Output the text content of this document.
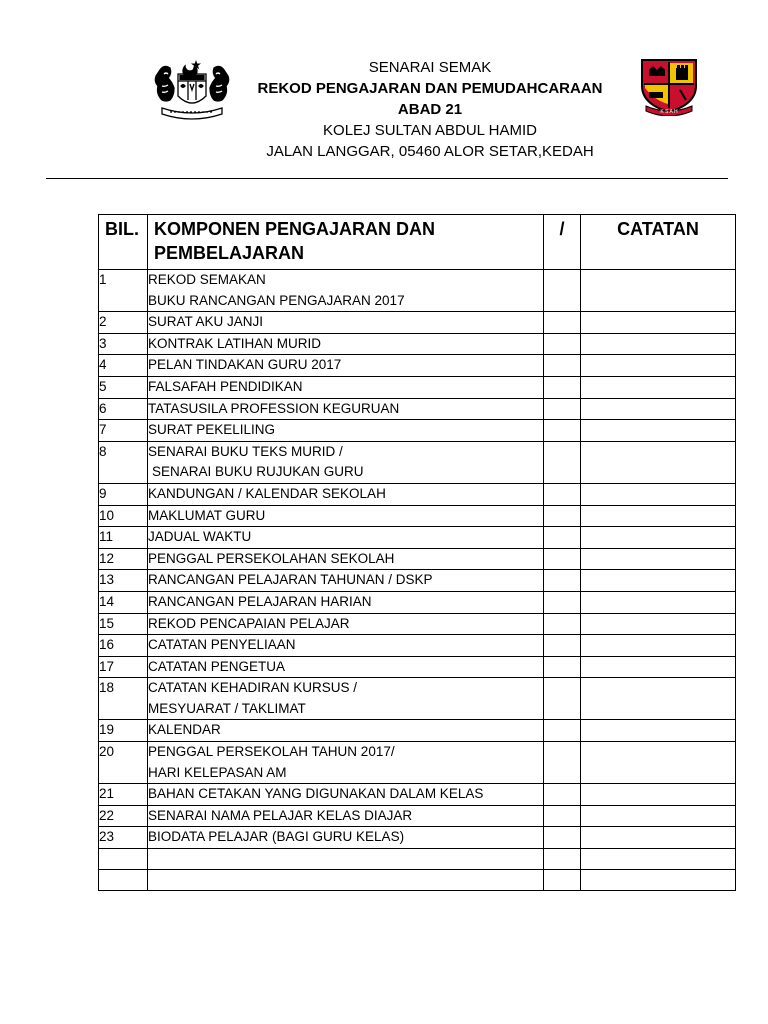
SENARAI SEMAK
REKOD PENGAJARAN DAN PEMUDAHCARAAN
ABAD 21
KOLEJ SULTAN ABDUL HAMID
JALAN LANGGAR, 05460 ALOR SETAR,KEDAH
K S A H
BIL.	KOMPONEN PENGAJARAN DAN PEMBELAJARAN	/	CATATAN
1	REKOD SEMAKAN
BUKU RANCANGAN PENGAJARAN 2017		

2	SURAT AKU JANJI		

3	KONTRAK LATIHAN MURID		

4	PELAN TINDAKAN GURU 2017		

5	FALSAFAH PENDIDIKAN		

6	TATASUSILA PROFESSION KEGURUAN		

7	SURAT PEKELILING		

8	SENARAI BUKU TEKS MURID /
SENARAI BUKU RUJUKAN GURU		

9	KANDUNGAN / KALENDAR SEKOLAH		

10	MAKLUMAT GURU		

11	JADUAL WAKTU		

12	PENGGAL PERSEKOLAHAN SEKOLAH		

13	RANCANGAN PELAJARAN TAHUNAN / DSKP		

14	RANCANGAN PELAJARAN HARIAN		

15	REKOD PENCAPAIAN PELAJAR		

16	CATATAN PENYELIAAN		

17	CATATAN PENGETUA		

18	CATATAN KEHADIRAN KURSUS /
MESYUARAT / TAKLIMAT		

19	KALENDAR		

20	PENGGAL PERSEKOLAH TAHUN 2017/
HARI KELEPASAN AM		

21	BAHAN CETAKAN YANG DIGUNAKAN DALAM KELAS		

22	SENARAI NAMA PELAJAR KELAS DIAJAR		

23	BIODATA PELAJAR (BAGI GURU KELAS)		
